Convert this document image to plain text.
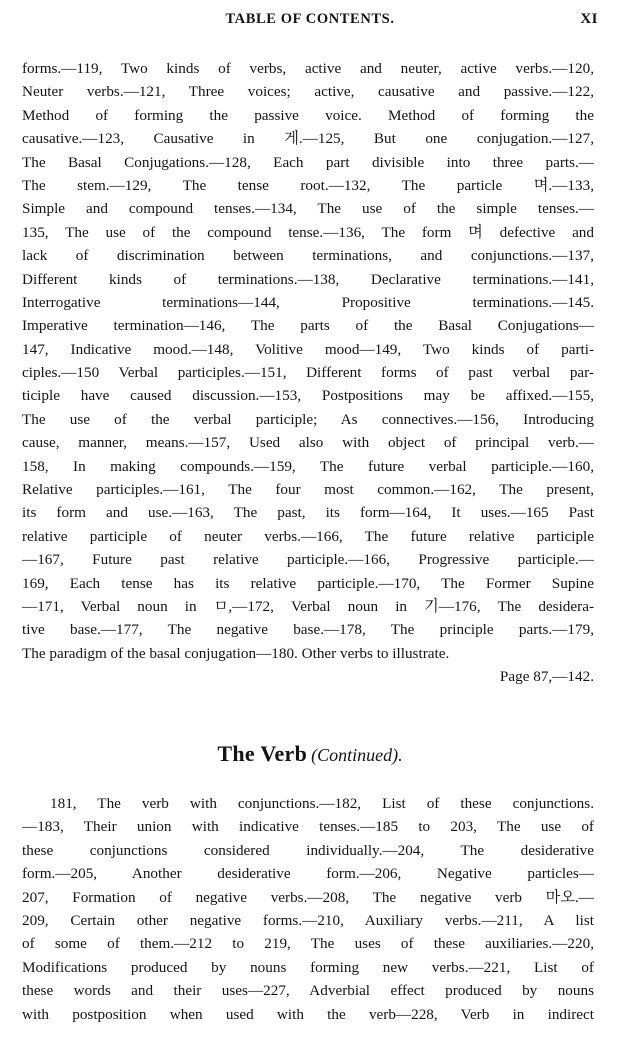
TABLE OF CONTENTS.	XI
forms.—119, Two kinds of verbs, active and neuter, active verbs.—120,
Neuter verbs.—121, Three voices; active, causative and passive.—122,
Method of forming the passive voice. Method of forming the
causative.—123, Causative in 게.—125, But one conjugation.—127,
The Basal Conjugations.—128, Each part divisible into three parts.—
The stem.—129, The tense root.—132, The particle 며.—133,
Simple and compound tenses.—134, The use of the simple tenses.—
135, The use of the compound tense.—136, The form 며 defective and
lack of discrimination between terminations, and conjunctions.—137,
Different kinds of terminations.—138, Declarative terminations.—141,
Interrogative terminations—144, Propositive terminations.—145.
Imperative termination—146, The parts of the Basal Conjugations—
147, Indicative mood.—148, Volitive mood—149, Two kinds of parti-
ciples.—150 Verbal participles.—151, Different forms of past verbal par-
ticiple have caused discussion.—153, Postpositions may be affixed.—155,
The use of the verbal participle; As connectives.—156, Introducing
cause, manner, means.—157, Used also with object of principal verb.—
158, In making compounds.—159, The future verbal participle.—160,
Relative participles.—161, The four most common.—162, The present,
its form and use.—163, The past, its form—164, It uses.—165 Past
relative participle of neuter verbs.—166, The future relative participle
—167, Future past relative participle.—166, Progressive participle.—
169, Each tense has its relative participle.—170, The Former Supine
—171, Verbal noun in ㅁ,—172, Verbal noun in 기—176, The desidera-
tive base.—177, The negative base.—178, The principle parts.—179,
The paradigm of the basal conjugation—180. Other verbs to illustrate.
Page 87,—142.
The Verb (Continued).
181, The verb with conjunctions.—182, List of these conjunctions.
—183, Their union with indicative tenses.—185 to 203, The use of
these conjunctions considered individually.—204, The desiderative
form.—205, Another desiderative form.—206, Negative particles—
207, Formation of negative verbs.—208, The negative verb 마오.—
209, Certain other negative forms.—210, Auxiliary verbs.—211, A list
of some of them.—212 to 219, The uses of these auxiliaries.—220,
Modifications produced by nouns forming new verbs.—221, List of
these words and their uses—227, Adverbial effect produced by nouns
with postposition when used with the verb—228, Verb in indirect
